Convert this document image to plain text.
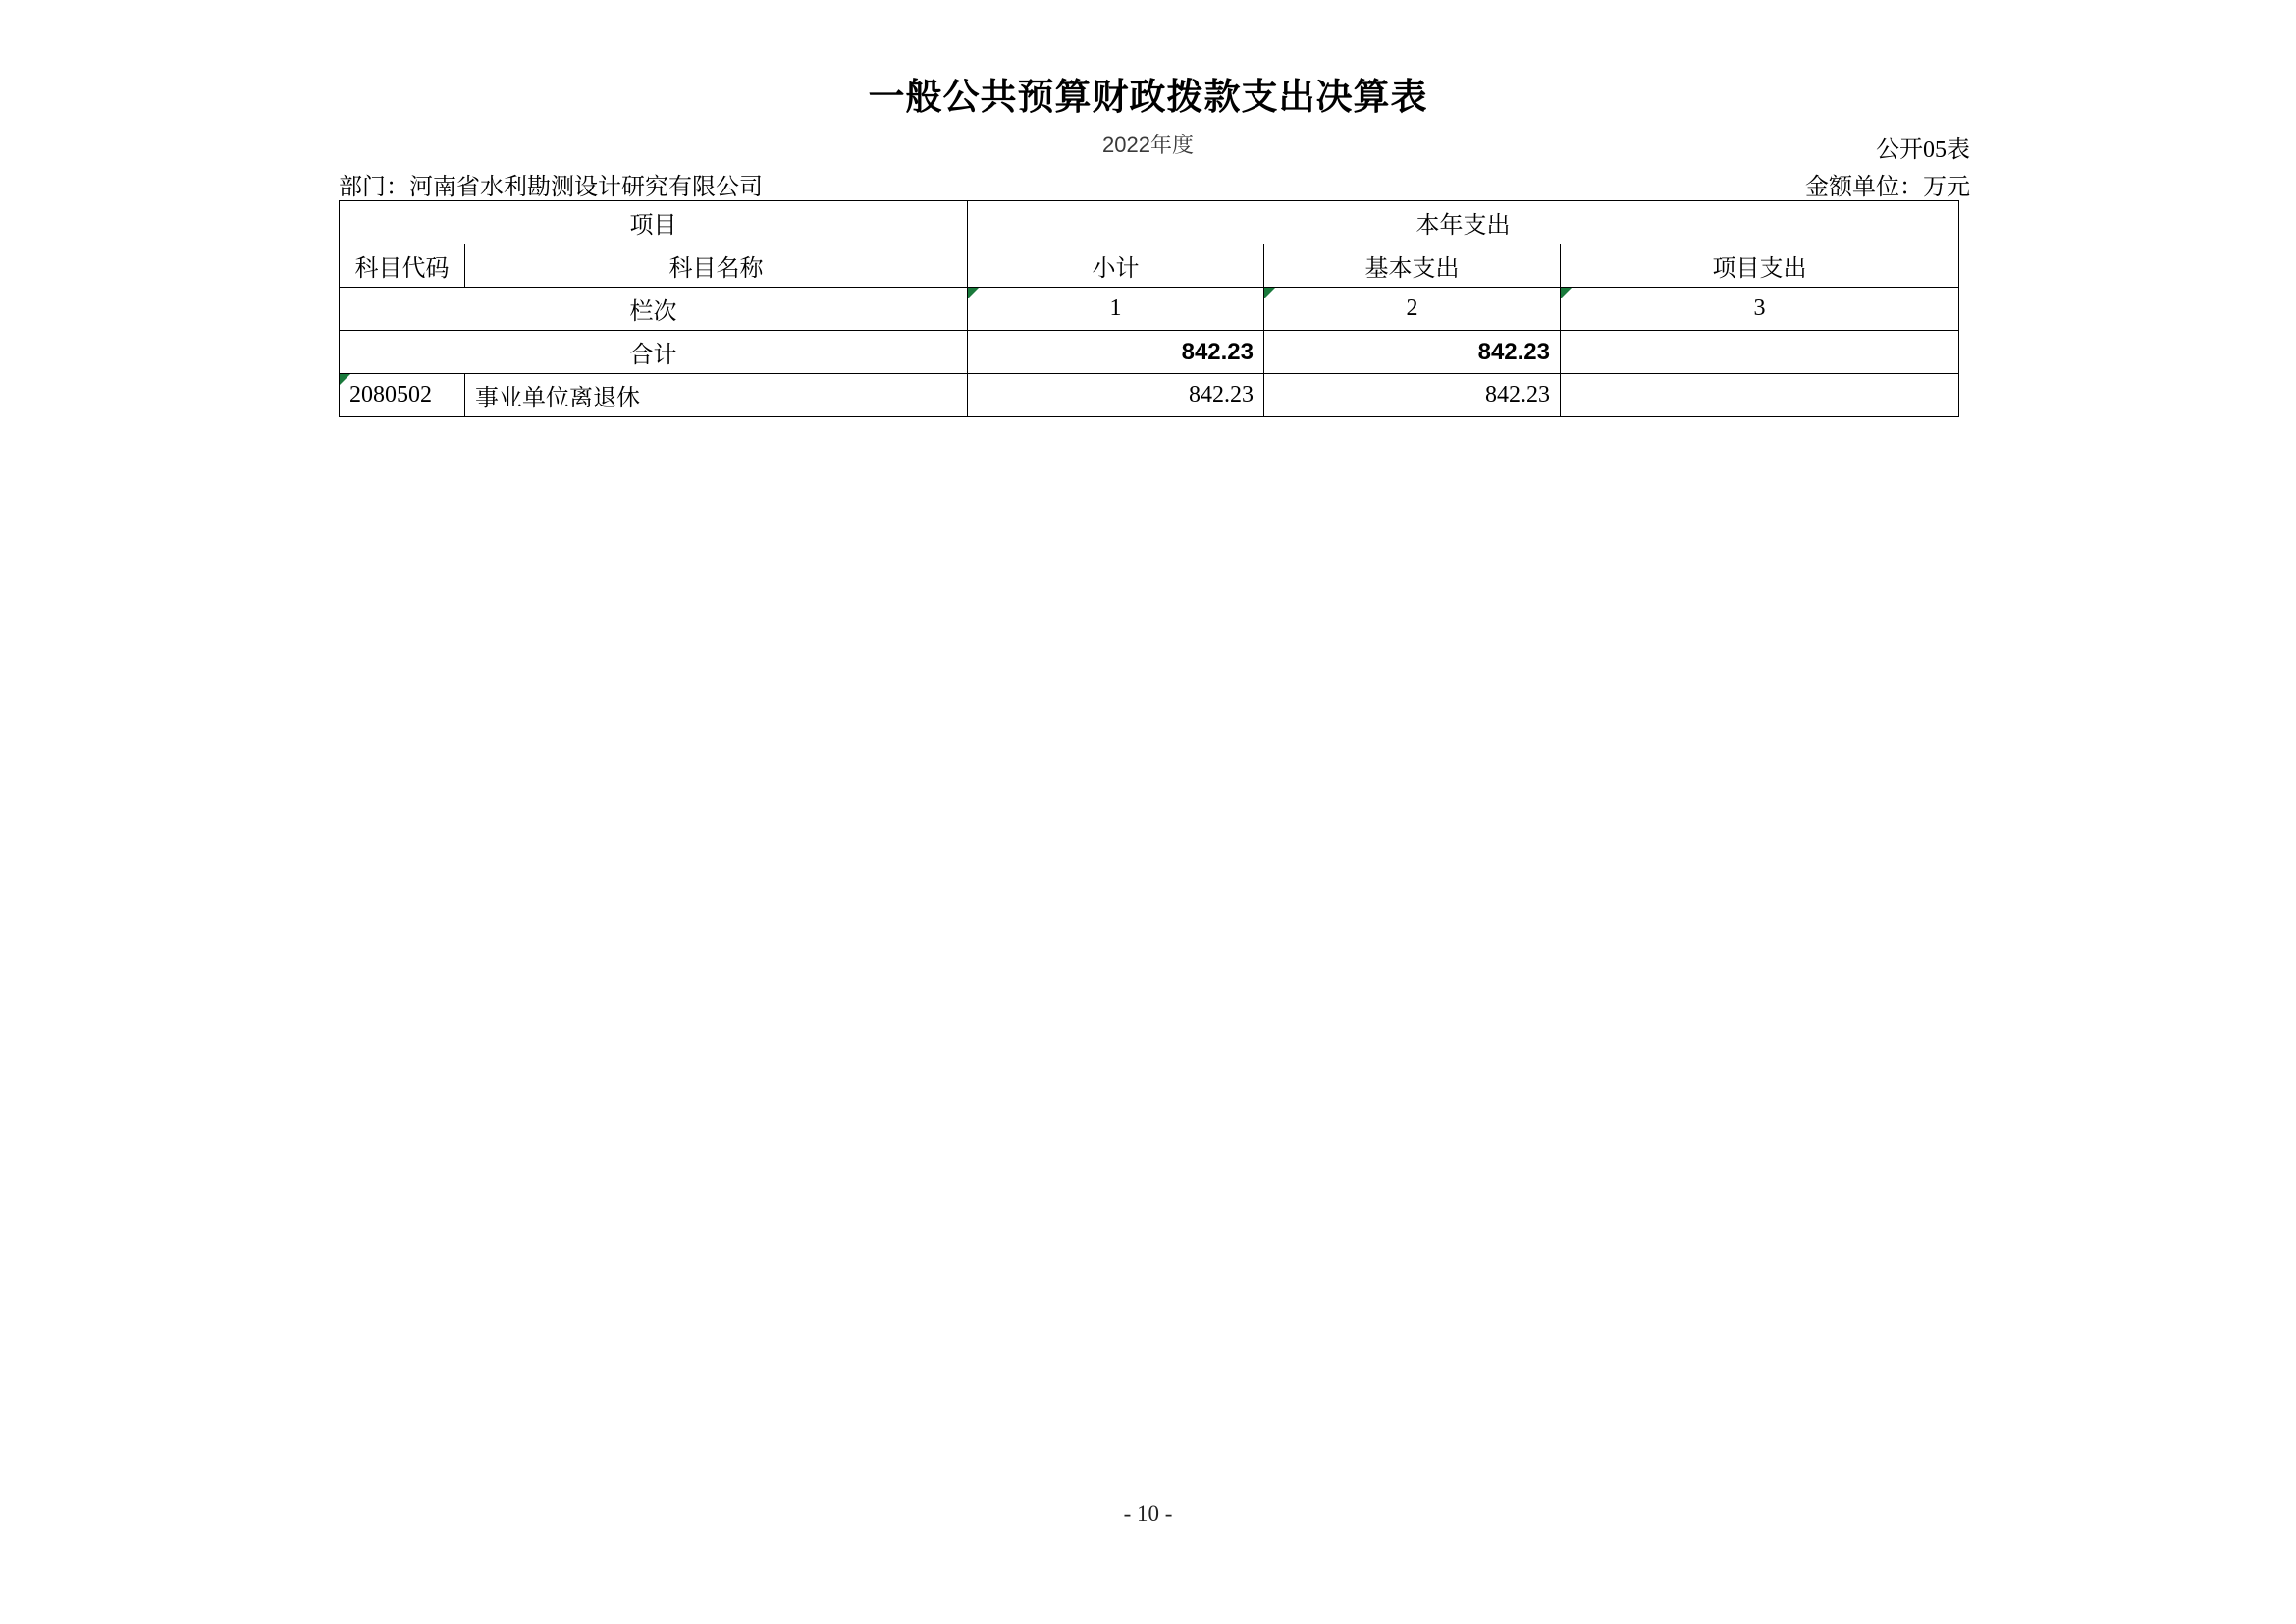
一般公共预算财政拨款支出决算表
2022年度	公开05表
部门：河南省水利勘测设计研究有限公司	金额单位：万元
项目		本年支出		
科目代码	科目名称	小计	基本支出	项目支出
栏次		1	2	3
合计		842.23	842.23	
2080502	事业单位离退休	842.23	842.23	
- 10 -
